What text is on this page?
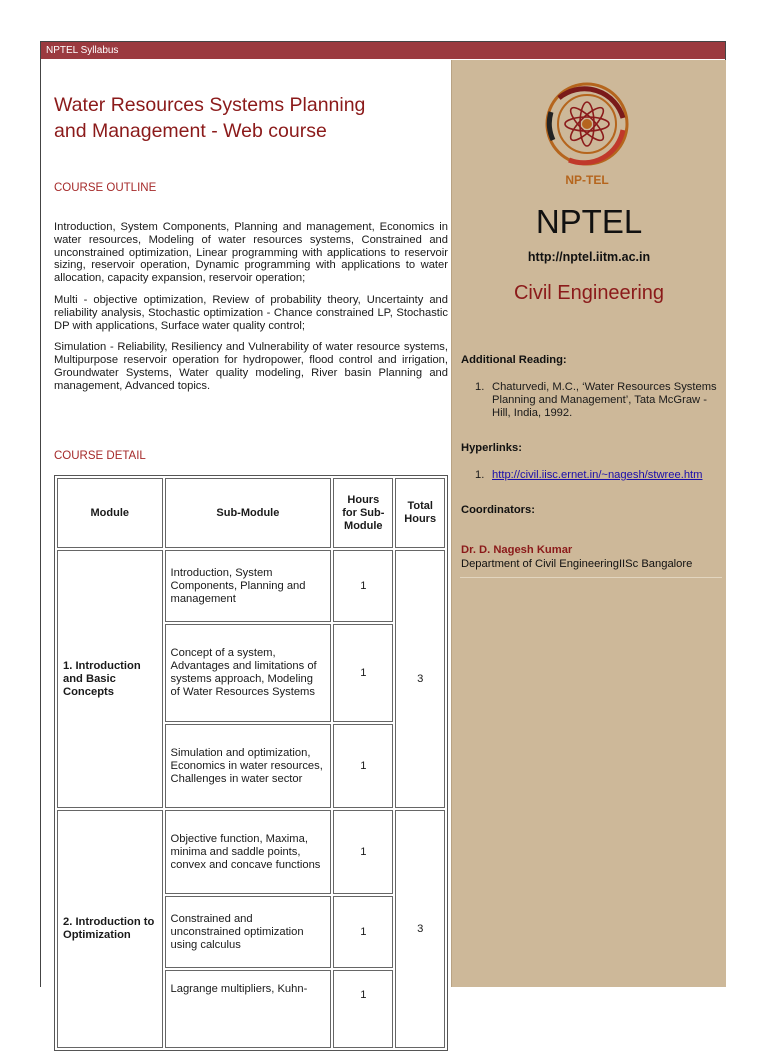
NPTEL Syllabus
Water Resources Systems Planning
and Management - Web course
COURSE OUTLINE

Introduction, System Components, Planning and management, Economics in water resources, Modeling of water resources systems, Constrained and unconstrained optimization, Linear programming with applications to reservoir sizing, reservoir operation, Dynamic programming with applications to water allocation, capacity expansion, reservoir operation;

Multi - objective optimization, Review of probability theory, Uncertainty and reliability analysis, Stochastic optimization - Chance constrained LP, Stochastic DP with applications, Surface water quality control;

Simulation - Reliability, Resiliency and Vulnerability of water resource systems, Multipurpose reservoir operation for hydropower, flood control and irrigation, Groundwater Systems, Water quality modeling, River basin Planning and management, Advanced topics.

COURSE DETAIL
Module	Sub-Module	Hours for Sub-Module	Total Hours
1. Introduction and Basic Concepts	Introduction, System Components, Planning and management	1	3
	Concept of a system, Advantages and limitations of systems approach, Modeling of Water Resources Systems	1	
	Simulation and optimization, Economics in water resources, Challenges in water sector	1	
2. Introduction to Optimization	Objective function, Maxima, minima and saddle points, convex and concave functions	1	3
	Constrained and unconstrained optimization using calculus	1	
	Lagrange multipliers, Kuhn-	1	
NP-TEL
NPTEL
http://nptel.iitm.ac.in
Civil Engineering
Additional Reading:
1. Chaturvedi, M.C., ‘Water Resources Systems Planning and Management’, Tata McGraw - Hill, India, 1992.
Hyperlinks:
1. http://civil.iisc.ernet.in/~nagesh/stwree.htm
Coordinators:
Dr. D. Nagesh Kumar
Department of Civil EngineeringIISc Bangalore
